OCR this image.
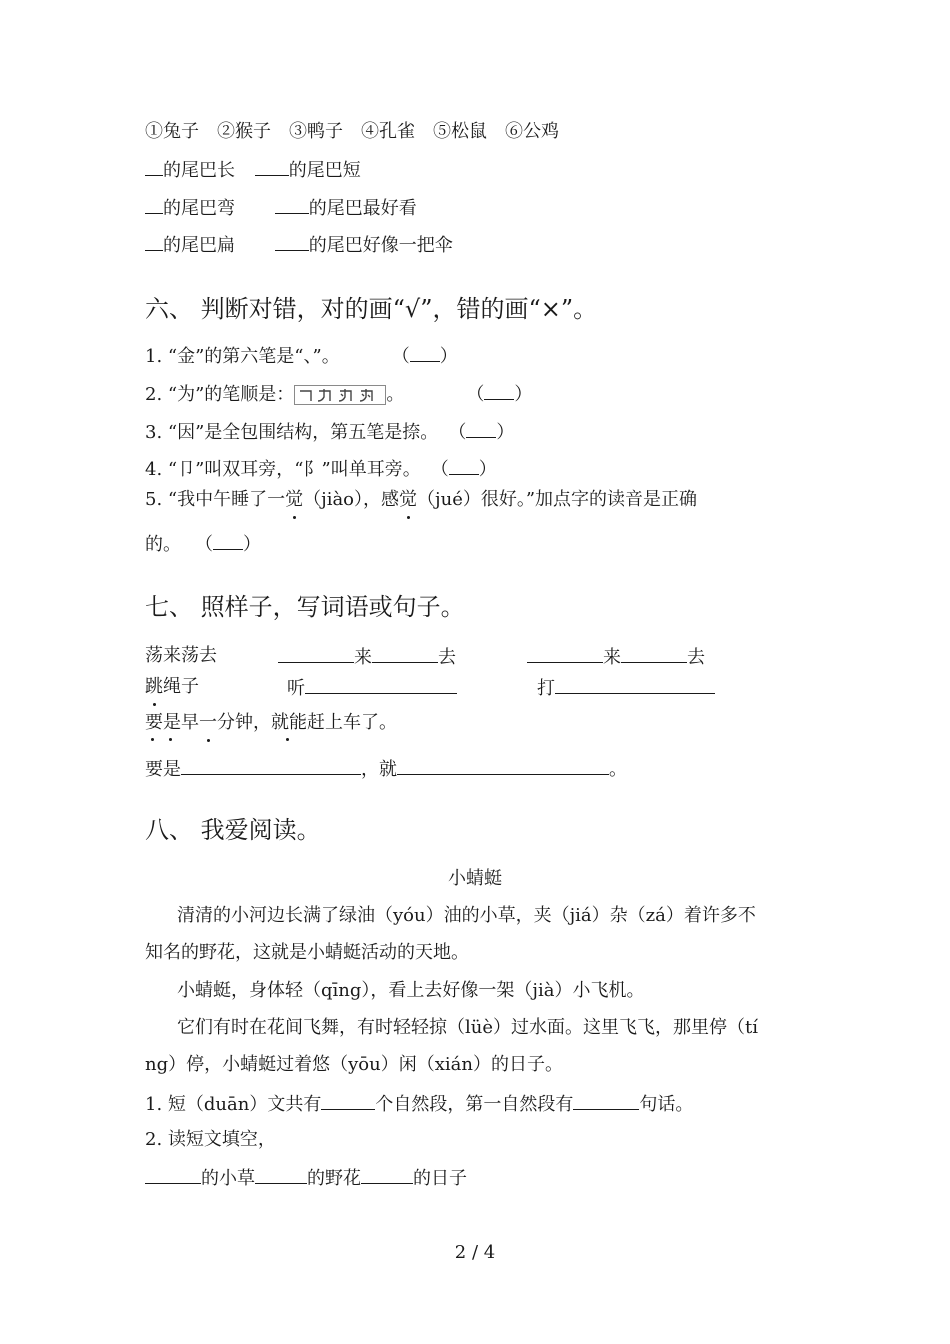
①兔子 ②猴子 ③鸭子 ④孔雀 ⑤松鼠 ⑥公鸡
的尾巴长	的尾巴短
的尾巴弯	的尾巴最好看
的尾巴扁	的尾巴好像一把伞
六、 判断对错，对的画“√”，错的画“×”。
1. “金”的第六笔是“、”。	（ ）
2. “为”的笔顺是：	。	（ ）
3. “因”是全包围结构，第五笔是捺。 （ ）
4. “卩”叫双耳旁，“阝”叫单耳旁。 （ ）
5. “我中午睡了一觉（jiào），感觉（jué）很好。”加点字的读音是正确
的。 （ ）
七、 照样子，写词语或句子。
荡来荡去	来	去	来	去
跳绳子	听	打
要是早一分钟，就能赶上车了。
要是	，就	。
八、 我爱阅读。
小蜻蜓
清清的小河边长满了绿油（yóu）油的小草，夹（jiá）杂（zá）着许多不
知名的野花，这就是小蜻蜓活动的天地。
小蜻蜓，身体轻（qīng），看上去好像一架（jià）小飞机。
它们有时在花间飞舞，有时轻轻掠（lüè）过水面。这里飞飞，那里停（tí
ng）停，小蜻蜓过着悠（yōu）闲（xián）的日子。
1. 短（duān）文共有	个自然段，第一自然段有	句话。
2. 读短文填空，
的小草	的野花	的日子
2 / 4
